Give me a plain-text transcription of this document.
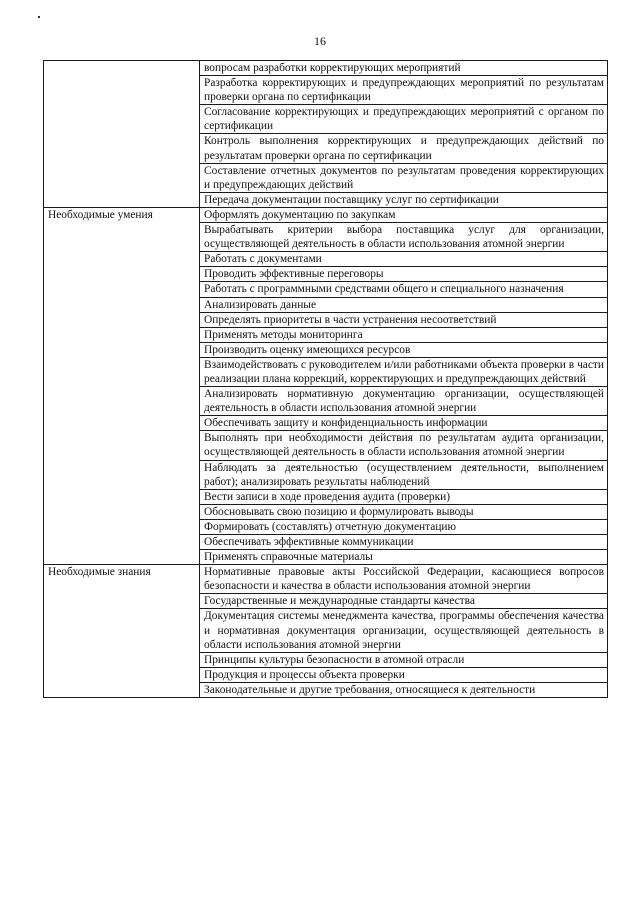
16
	вопросам разработки корректирующих мероприятий
	Разработка корректирующих и предупреждающих мероприятий по результатам проверки органа по сертификации
	Согласование корректирующих и предупреждающих мероприятий с органом по сертификации
	Контроль выполнения корректирующих и предупреждающих действий по результатам проверки органа по сертификации
	Составление отчетных документов по результатам проведения корректирующих и предупреждающих действий
	Передача документации поставщику услуг по сертификации
Необходимые умения	Оформлять документацию по закупкам
	Вырабатывать критерии выбора поставщика услуг для организации, осуществляющей деятельность в области использования атомной энергии
	Работать с документами
	Проводить эффективные переговоры
	Работать с программными средствами общего и специального назначения
	Анализировать данные
	Определять приоритеты в части устранения несоответствий
	Применять методы мониторинга
	Производить оценку имеющихся ресурсов
	Взаимодействовать с руководителем и/или работниками объекта проверки в части реализации плана коррекций, корректирующих и предупреждающих действий
	Анализировать нормативную документацию организации, осуществляющей деятельность в области использования атомной энергии
	Обеспечивать защиту и конфиденциальность информации
	Выполнять при необходимости действия по результатам аудита организации, осуществляющей деятельность в области использования атомной энергии
	Наблюдать за деятельностью (осуществлением деятельности, выполнением работ); анализировать результаты наблюдений
	Вести записи в ходе проведения аудита (проверки)
	Обосновывать свою позицию и формулировать выводы
	Формировать (составлять) отчетную документацию
	Обеспечивать эффективные коммуникации
	Применять справочные материалы
Необходимые знания	Нормативные правовые акты Российской Федерации, касающиеся вопросов безопасности и качества в области использования атомной энергии
	Государственные и международные стандарты качества
	Документация системы менеджмента качества, программы обеспечения качества и нормативная документация организации, осуществляющей деятельность в области использования атомной энергии
	Принципы культуры безопасности в атомной отрасли
	Продукция и процессы объекта проверки
	Законодательные и другие требования, относящиеся к деятельности
